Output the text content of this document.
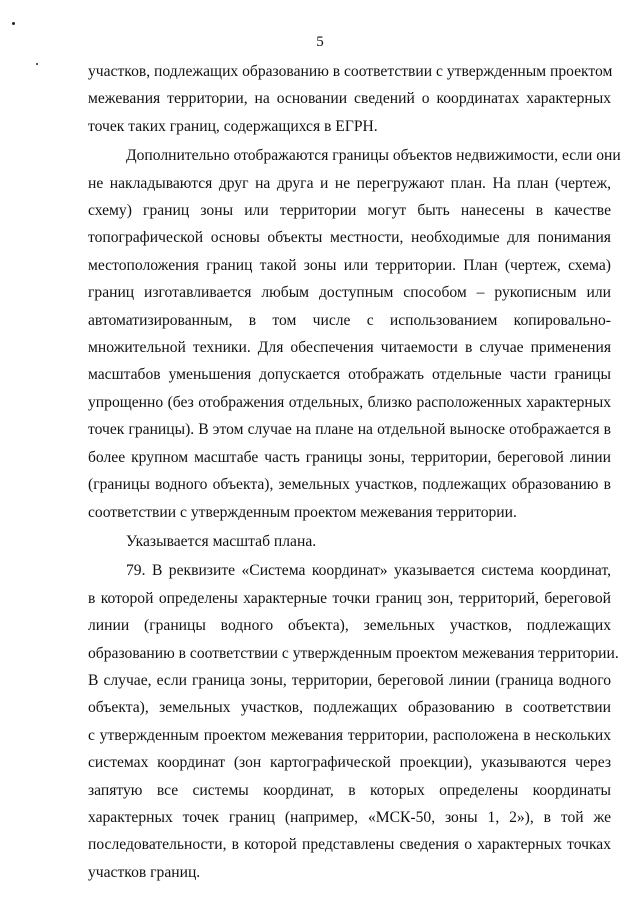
5
участков, подлежащих образованию в соответствии с утвержденным проектом
межевания территории, на основании сведений о координатах характерных
точек таких границ, содержащихся в ЕГРН.
Дополнительно отображаются границы объектов недвижимости, если они
не накладываются друг на друга и не перегружают план. На план (чертеж,
схему) границ зоны или территории могут быть нанесены в качестве
топографической основы объекты местности, необходимые для понимания
местоположения границ такой зоны или территории. План (чертеж, схема)
границ изготавливается любым доступным способом – рукописным или
автоматизированным, в том числе с использованием копировально-
множительной техники. Для обеспечения читаемости в случае применения
масштабов уменьшения допускается отображать отдельные части границы
упрощенно (без отображения отдельных, близко расположенных характерных
точек границы). В этом случае на плане на отдельной выноске отображается в
более крупном масштабе часть границы зоны, территории, береговой линии
(границы водного объекта), земельных участков, подлежащих образованию в
соответствии с утвержденным проектом межевания территории.
Указывается масштаб плана.
79. В реквизите «Система координат» указывается система координат,
в которой определены характерные точки границ зон, территорий, береговой
линии (границы водного объекта), земельных участков, подлежащих
образованию в соответствии с утвержденным проектом межевания территории.
В случае, если граница зоны, территории, береговой линии (граница водного
объекта), земельных участков, подлежащих образованию в соответствии
с утвержденным проектом межевания территории, расположена в нескольких
системах координат (зон картографической проекции), указываются через
запятую все системы координат, в которых определены координаты
характерных точек границ (например, «МСК-50, зоны 1, 2»), в той же
последовательности, в которой представлены сведения о характерных точках
участков границ.
